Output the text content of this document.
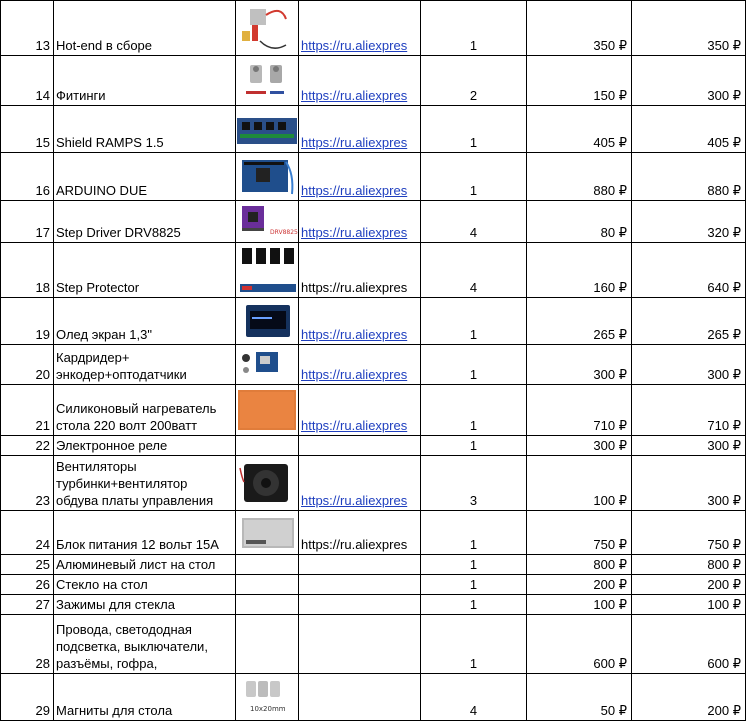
13	Hot-end в сборе		https://ru.aliexpres	1	350 ₽	350 ₽
14	Фитинги		https://ru.aliexpres	2	150 ₽	300 ₽
15	Shield RAMPS 1.5		https://ru.aliexpres	1	405 ₽	405 ₽
16	ARDUINO DUE		https://ru.aliexpres	1	880 ₽	880 ₽
17	Step Driver DRV8825	DRV8825	https://ru.aliexpres	4	80 ₽	320 ₽
18	Step Protector		https://ru.aliexpres	4	160 ₽	640 ₽
19	Олед экран 1,3"		https://ru.aliexpres	1	265 ₽	265 ₽
20	Кардридер+ энкодер+оптодатчики		https://ru.aliexpres	1	300 ₽	300 ₽
21	Силиконовый нагреватель стола 220 волт 200ватт		https://ru.aliexpres	1	710 ₽	710 ₽
22	Электронное реле			1	300 ₽	300 ₽
23	Вентиляторы турбинки+вентилятор обдува платы управления		https://ru.aliexpres	3	100 ₽	300 ₽
24	Блок питания 12 вольт 15А		https://ru.aliexpres	1	750 ₽	750 ₽
25	Алюминевый лист на стол			1	800 ₽	800 ₽
26	Стекло на стол			1	200 ₽	200 ₽
27	Зажимы для стекла			1	100 ₽	100 ₽
28	Провода, светододная подсветка, выключатели, разъёмы, гофра,			1	600 ₽	600 ₽
29	Магниты для стола	10x20mm		4	50 ₽	200 ₽
